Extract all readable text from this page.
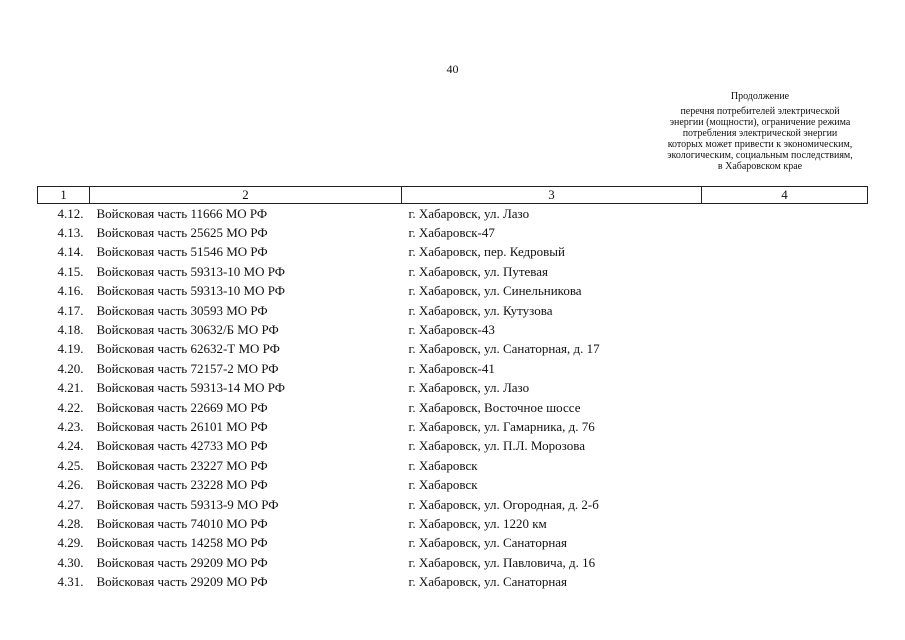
40
Продолжение
перечня потребителей электрической
энергии (мощности), ограничение режима
потребления электрической энергии
которых может привести к экономическим,
экологическим, социальным последствиям,
в Хабаровском крае
1	2	3	4
4.12.	Войсковая часть 11666 МО РФ	г. Хабаровск, ул. Лазо	
4.13.	Войсковая часть 25625 МО РФ	г. Хабаровск-47	
4.14.	Войсковая часть 51546 МО РФ	г. Хабаровск, пер. Кедровый	
4.15.	Войсковая часть 59313-10 МО РФ	г. Хабаровск, ул. Путевая	
4.16.	Войсковая часть 59313-10 МО РФ	г. Хабаровск, ул. Синельникова	
4.17.	Войсковая часть 30593 МО РФ	г. Хабаровск, ул. Кутузова	
4.18.	Войсковая часть 30632/Б МО РФ	г. Хабаровск-43	
4.19.	Войсковая часть 62632-Т МО РФ	г. Хабаровск, ул. Санаторная, д. 17	
4.20.	Войсковая часть 72157-2 МО РФ	г. Хабаровск-41	
4.21.	Войсковая часть 59313-14 МО РФ	г. Хабаровск, ул. Лазо	
4.22.	Войсковая часть 22669 МО РФ	г. Хабаровск, Восточное шоссе	
4.23.	Войсковая часть 26101 МО РФ	г. Хабаровск, ул. Гамарника, д. 76	
4.24.	Войсковая часть 42733 МО РФ	г. Хабаровск, ул. П.Л. Морозова	
4.25.	Войсковая часть 23227 МО РФ	г. Хабаровск	
4.26.	Войсковая часть 23228 МО РФ	г. Хабаровск	
4.27.	Войсковая часть 59313-9 МО РФ	г. Хабаровск, ул. Огородная, д. 2-б	
4.28.	Войсковая часть 74010 МО РФ	г. Хабаровск, ул. 1220 км	
4.29.	Войсковая часть 14258 МО РФ	г. Хабаровск, ул. Санаторная	
4.30.	Войсковая часть 29209 МО РФ	г. Хабаровск, ул. Павловича, д. 16	
4.31.	Войсковая часть 29209 МО РФ	г. Хабаровск, ул. Санаторная	
